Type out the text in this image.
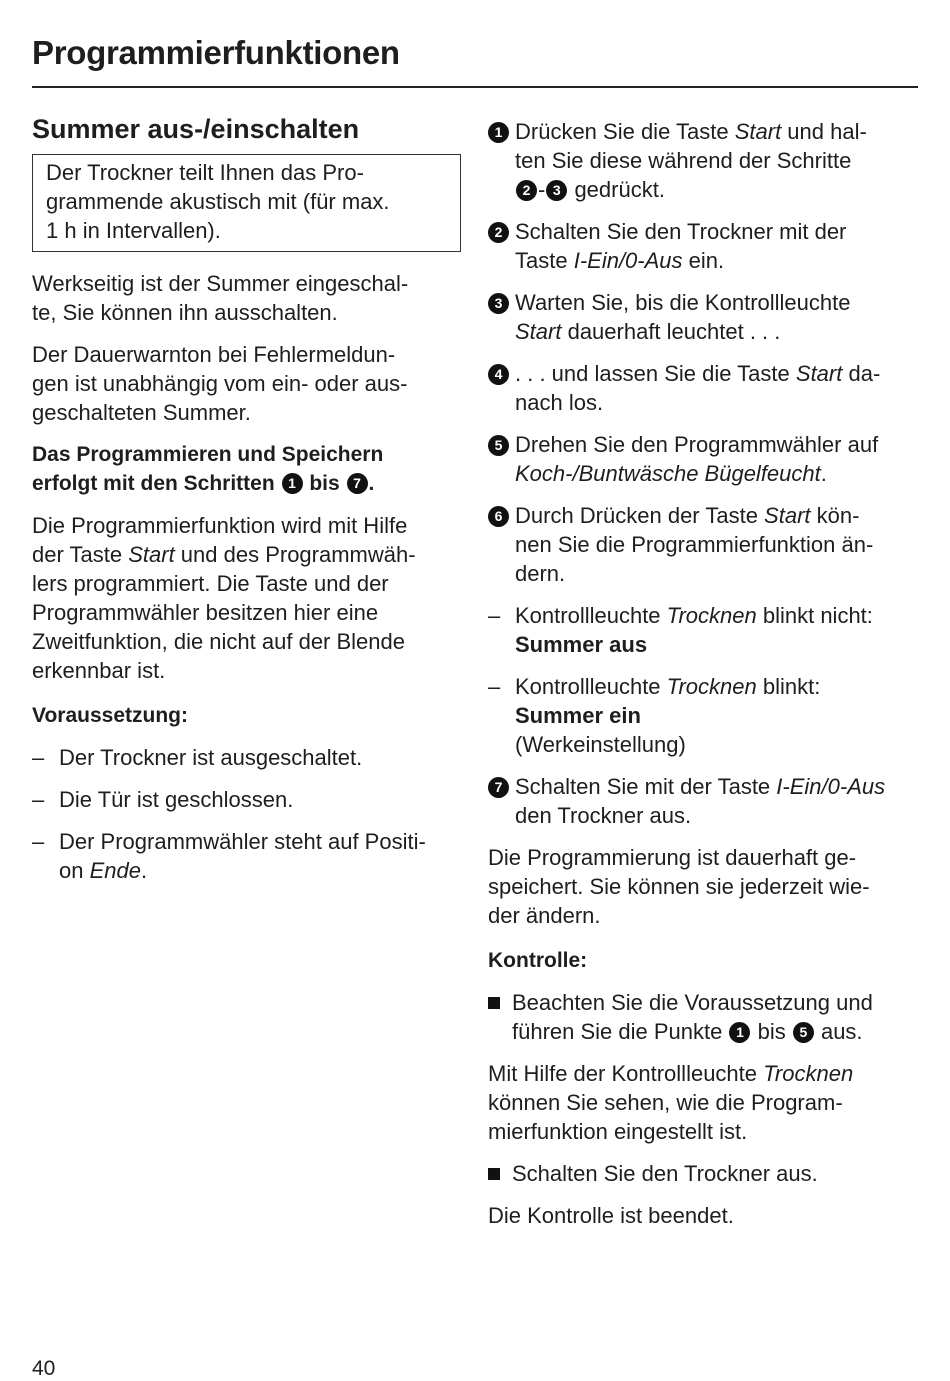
Programmierfunktionen
Summer aus-/einschalten
Der Trockner teilt Ihnen das Pro-
grammende akustisch mit (für max.
1 h in Intervallen).
Werkseitig ist der Summer eingeschal-
te, Sie können ihn ausschalten.
Der Dauerwarnton bei Fehlermeldun-
gen ist unabhängig vom ein- oder aus-
geschalteten Summer.
Das Programmieren und Speichern
erfolgt mit den Schritten 1 bis 7 .
Die Programmierfunktion wird mit Hilfe
der Taste Start und des Programmwäh-
lers programmiert. Die Taste und der
Programmwähler besitzen hier eine
Zweitfunktion, die nicht auf der Blende
erkennbar ist.
Voraussetzung:
– Der Trockner ist ausgeschaltet.
– Die Tür ist geschlossen.
– Der Programmwähler steht auf Positi-
on Ende.
1 Drücken Sie die Taste Start und hal-
ten Sie diese während der Schritte
2 - 3 gedrückt.
2 Schalten Sie den Trockner mit der
Taste I-Ein/0-Aus ein.
3 Warten Sie, bis die Kontrollleuchte
Start dauerhaft leuchtet . . .
4 . . . und lassen Sie die Taste Start da-
nach los.
5 Drehen Sie den Programmwähler auf
Koch-/Buntwäsche Bügelfeucht.
6 Durch Drücken der Taste Start kön-
nen Sie die Programmierfunktion än-
dern.
– Kontrollleuchte Trocknen blinkt nicht:
Summer aus
– Kontrollleuchte Trocknen blinkt:
Summer ein
(Werkeinstellung)
7 Schalten Sie mit der Taste I-Ein/0-Aus
den Trockner aus.
Die Programmierung ist dauerhaft ge-
speichert. Sie können sie jederzeit wie-
der ändern.
Kontrolle:
Beachten Sie die Voraussetzung und
führen Sie die Punkte 1 bis 5 aus.
Mit Hilfe der Kontrollleuchte Trocknen
können Sie sehen, wie die Program-
mierfunktion eingestellt ist.
Schalten Sie den Trockner aus.
Die Kontrolle ist beendet.
40
